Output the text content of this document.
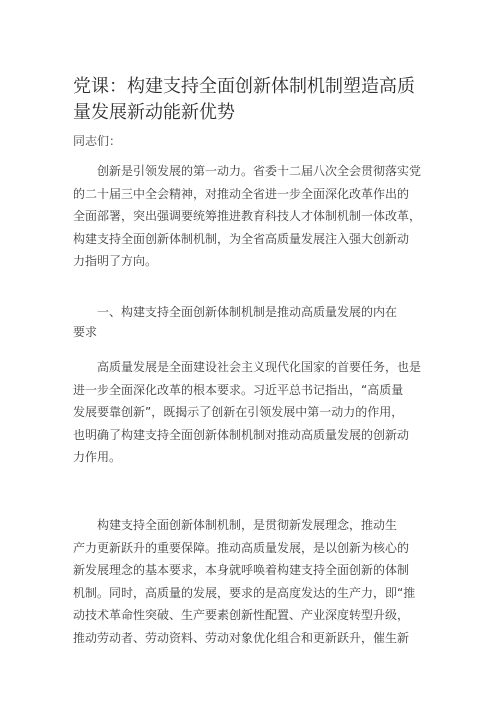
党课：构建支持全面创新体制机制塑造高质
量发展新动能新优势

同志们：

创新是引领发展的第一动力。省委十二届八次全会贯彻落实党
的二十届三中全会精神，对推动全省进一步全面深化改革作出的
全面部署，突出强调要统筹推进教育科技人才体制机制一体改革，
构建支持全面创新体制机制，为全省高质量发展注入强大创新动
力指明了方向。

一、构建支持全面创新体制机制是推动高质量发展的内在
要求

高质量发展是全面建设社会主义现代化国家的首要任务，也是
进一步全面深化改革的根本要求。习近平总书记指出，“高质量
发展要靠创新”，既揭示了创新在引领发展中第一动力的作用，
也明确了构建支持全面创新体制机制对推动高质量发展的创新动
力作用。

构建支持全面创新体制机制，是贯彻新发展理念，推动生
产力更新跃升的重要保障。推动高质量发展，是以创新为核心的
新发展理念的基本要求，本身就呼唤着构建支持全面创新的体制
机制。同时，高质量的发展，要求的是高度发达的生产力，即“推
动技术革命性突破、生产要素创新性配置、产业深度转型升级，
推动劳动者、劳动资料、劳动对象优化组合和更新跃升，催生新
